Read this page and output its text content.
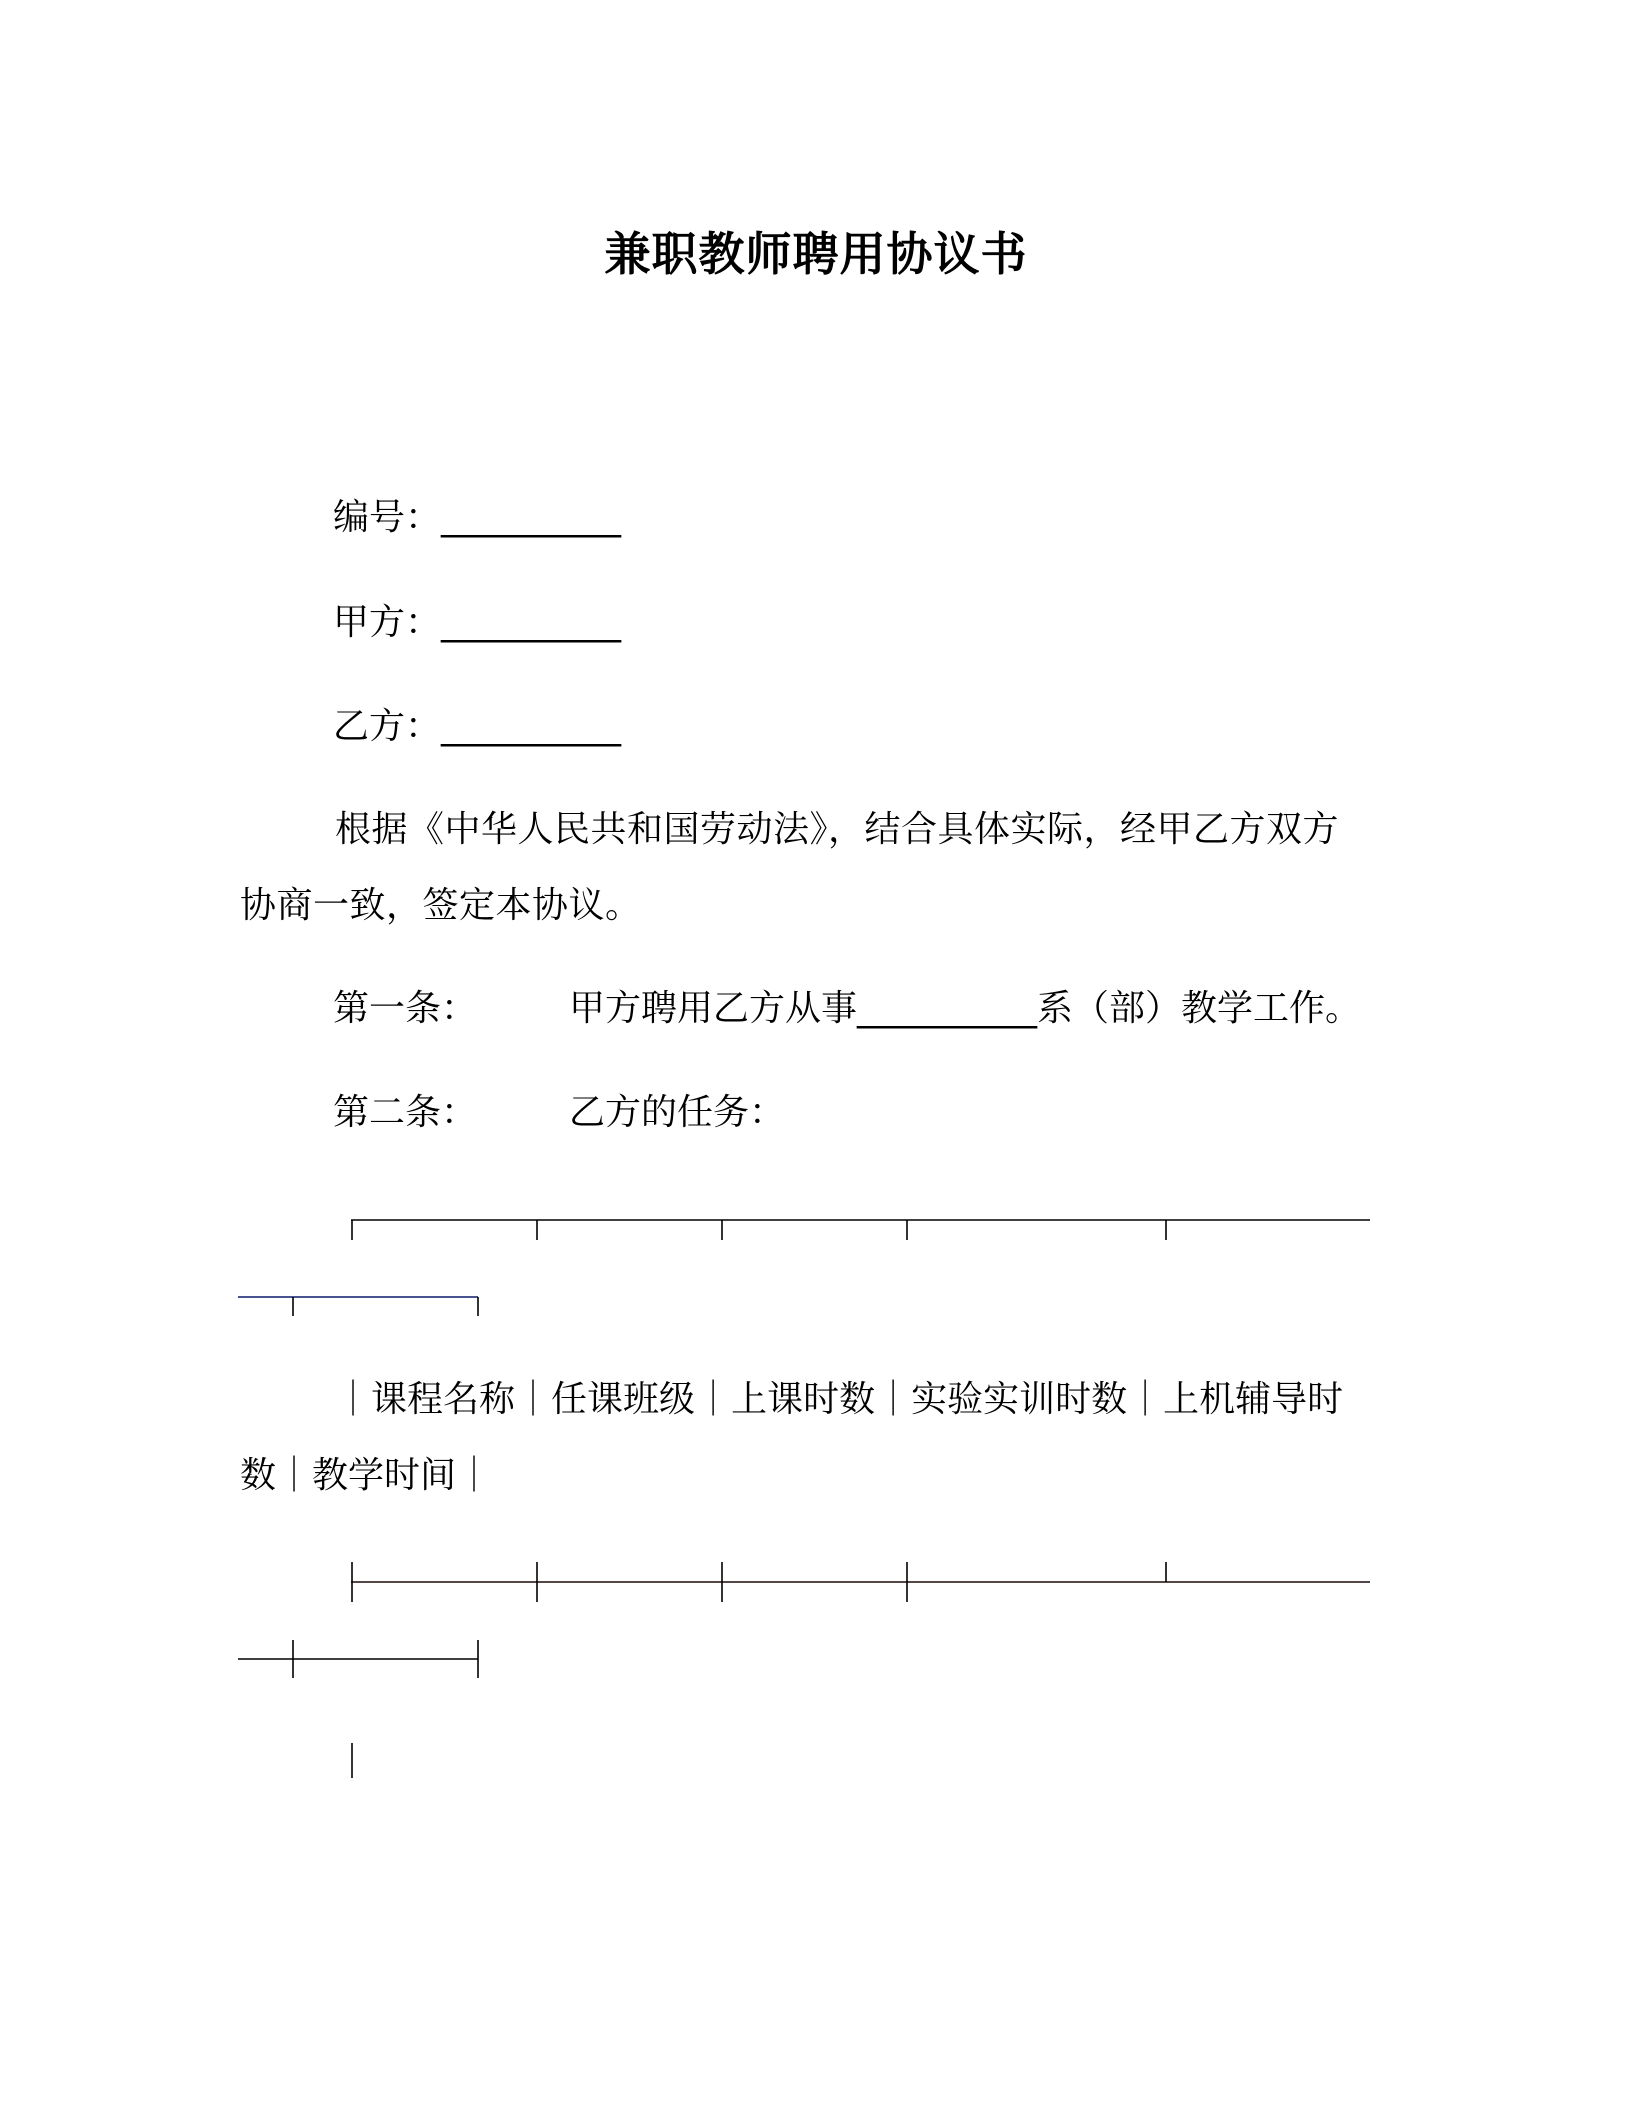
兼职教师聘用协议书
编号：__________
甲方：__________
乙方：__________
根据《中华人民共和国劳动法》，结合具体实际，经甲乙方双方协商一致，签定本协议。
第一条：	甲方聘用乙方从事__________系（部）教学工作。
第二条：	乙方的任务：
｜课程名称｜任课班级｜上课时数｜实验实训时数｜上机辅导时数｜教学时间｜
